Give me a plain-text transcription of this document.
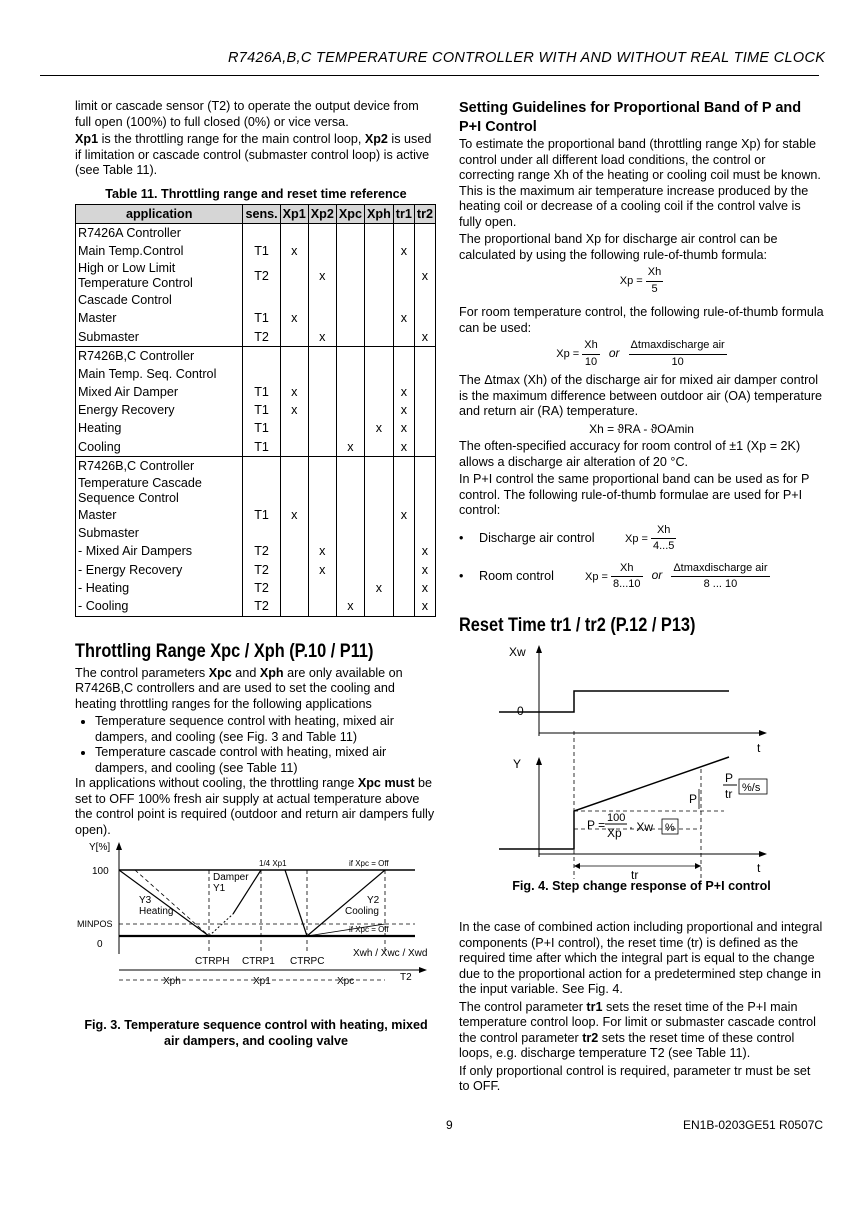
R7426A,B,C TEMPERATURE CONTROLLER WITH AND WITHOUT REAL TIME CLOCK

limit or cascade sensor (T2) to operate the output device from full open (100%) to full closed (0%) or vice versa.

Xp1 is the throttling range for the main control loop, Xp2 is used if limitation or cascade control (submaster control loop) is active (see Table 11).

Table 11. Throttling range and reset time reference
application	sens.	Xp1	Xp2	Xpc	Xph	tr1	tr2
R7426A Controller							
Main Temp.Control	T1	x				x	
High or Low Limit Temperature Control	T2		x				x
Cascade Control							
Master	T1	x				x	
Submaster	T2		x				x
R7426B,C Controller							
Main Temp. Seq. Control							
Mixed Air Damper	T1	x				x	
Energy Recovery	T1	x				x	
Heating	T1				x	x	
Cooling	T1			x		x	
R7426B,C Controller							
Temperature Cascade Sequence Control							
Master	T1	x				x	
Submaster							
- Mixed Air Dampers	T2		x				x
- Energy Recovery	T2		x				x
- Heating	T2				x		x
- Cooling	T2			x			x
Throttling Range Xpc / Xph (P.10 / P11)

The control parameters Xpc and Xph are only available on R7426B,C controllers and are used to set the cooling and heating throttling ranges for the following applications

• Temperature sequence control with heating, mixed air dampers, and cooling (see Fig. 3 and Table 11)
• Temperature cascade control with heating, mixed air dampers, and cooling (see Table 11)

In applications without cooling, the throttling range Xpc must be set to OFF 100% fresh air supply at actual temperature above the control point is required (outdoor and return air dampers fully open).

Y[%]
100
MINPOS
0
1/4 Xp1	if Xpc = Off
if Xpc = Off
Damper
Y1
Y3
Heating
Y2
Cooling
CTRPH CTRP1 CTRPC
Xwh / Xwc / Xwd
Xph	Xp1	Xpc	T2
Fig. 3. Temperature sequence control with heating, mixed air dampers, and cooling valve
Setting Guidelines for Proportional Band of P and P+I Control

To estimate the proportional band (throttling range Xp) for stable control under all different load conditions, the control or correcting range Xh of the heating or cooling coil must be known. This is the maximum air temperature increase produced by the heating coil or decrease of a cooling coil if the control valve is fully open.

The proportional band Xp for discharge air control can be calculated by using the following rule-of-thumb formula:

$Xp = \frac{Xh}{5}$

For room temperature control, the following rule-of-thumb formula can be used:

$Xp = \frac{Xh}{10}$ or $\frac{\text{Δtmaxdischarge air}}{10}$

The Δtmax (Xh) of the discharge air for mixed air damper control is the maximum difference between outdoor air (OA) temperature and return air (RA) temperature.

Xh = ϑRA - ϑOAmin

The often-specified accuracy for room control of ±1 (Xp = 2K) allows a discharge air alteration of 20 °C.

In P+I control the same proportional band can be used as for P control. The following rule-of-thumb formulae are used for P+I control:

•	Discharge air control	$Xp = \frac{Xh}{4...5}$
•	Room control	$Xp = \frac{Xh}{8...10}$ or $\frac{\text{Δtmaxdischarge air}}{8 ... 10}$
Reset Time tr1 / tr2 (P.12 / P13)
Xw
0
t
Y
t
P
tr %/s
P
P = 100
Xp · Xw %
tr
Fig. 4. Step change response of P+I control

In the case of combined action including proportional and integral components (P+I control), the reset time (tr) is defined as the required time after which the integral part is equal to the change due to the proportional action for a predetermined step change in the input variable. See Fig. 4.

The control parameter tr1 sets the reset time of the P+I main temperature control loop. For limit or submaster cascade control the control parameter tr2 sets the reset time of these control loops, e.g. discharge temperature T2 (see Table 11).

If only proportional control is required, parameter tr must be set to OFF.

9	EN1B-0203GE51 R0507C
